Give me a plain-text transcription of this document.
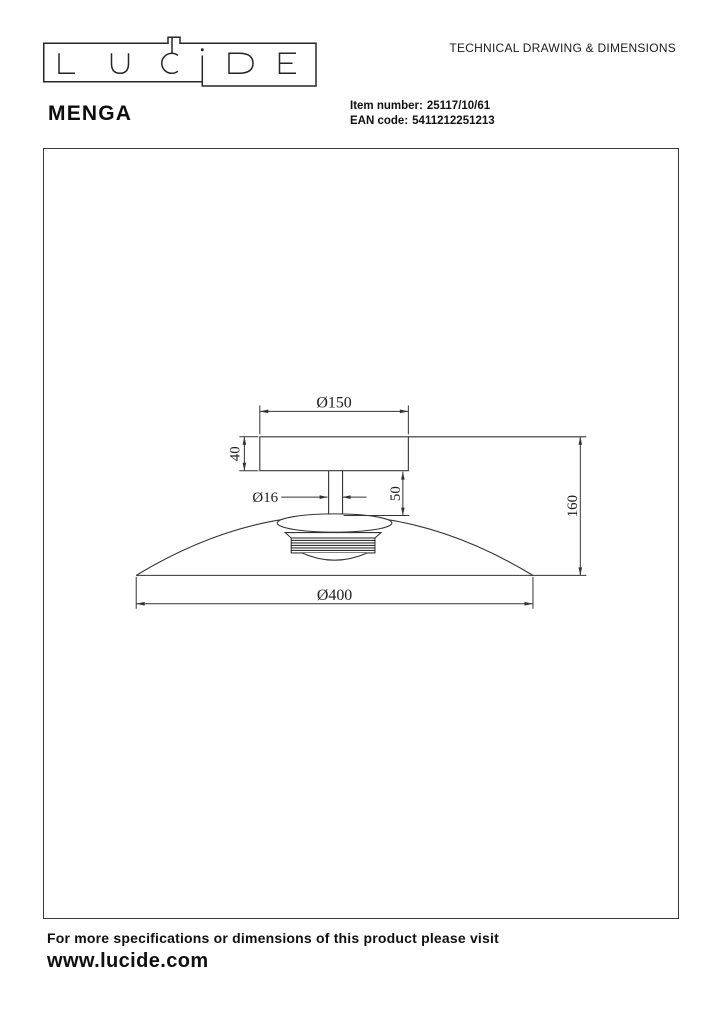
TECHNICAL DRAWING & DIMENSIONS
MENGA	Item number: 25117/10/61
EAN code: 5411212251213
Ø150
40
Ø16	50
160
Ø400
For more specifications or dimensions of this product please visit
www.lucide.com
